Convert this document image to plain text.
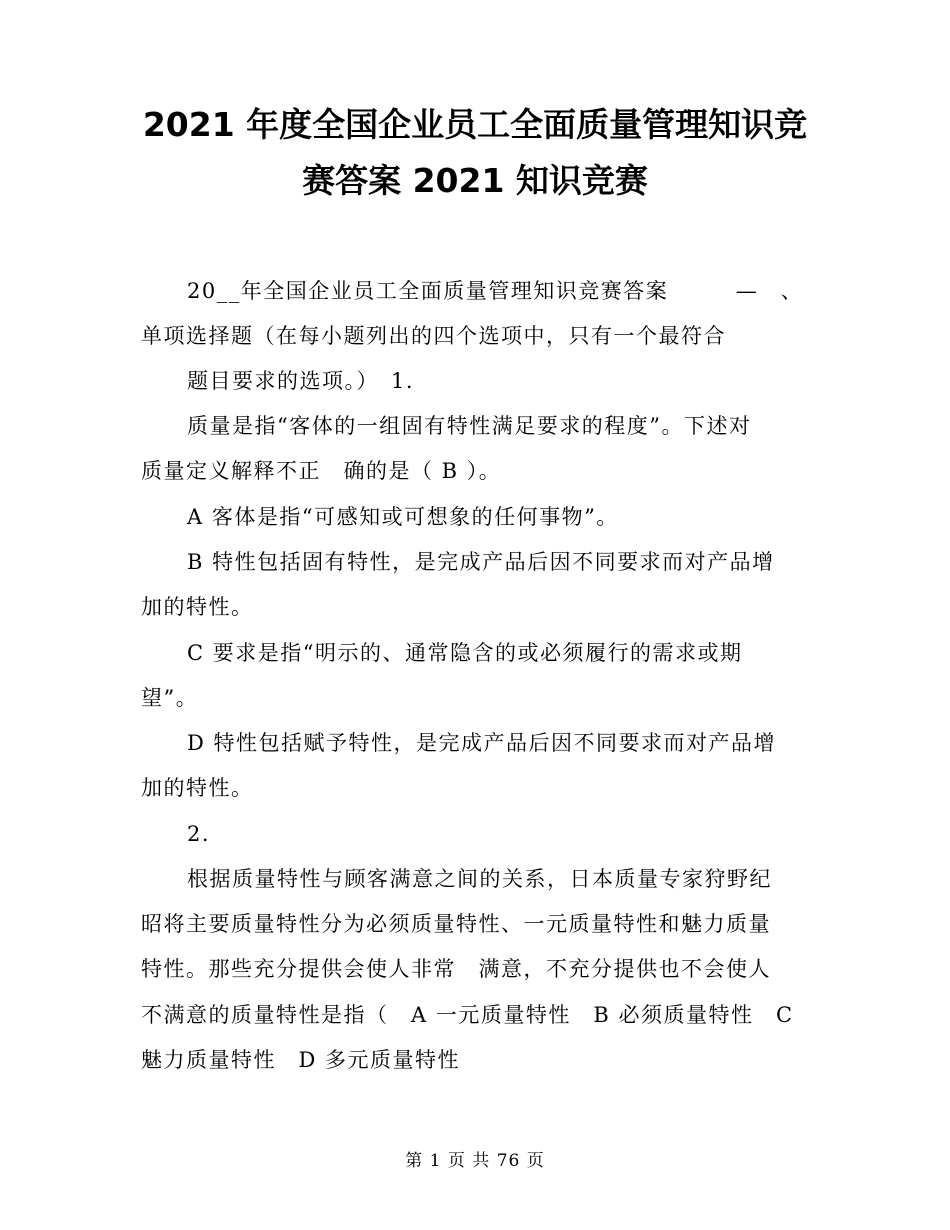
2021 年度全国企业员工全面质量管理知识竞
赛答案 2021 知识竞赛

20__年全国企业员工全面质量管理知识竞赛答案　　　—　、

单项选择题（在每小题列出的四个选项中，只有一个最符合

题目要求的选项。）　1.

质量是指“客体的一组固有特性满足要求的程度”。下述对

质量定义解释不正　确的是（ B ）。

A 客体是指“可感知或可想象的任何事物”。

B 特性包括固有特性，是完成产品后因不同要求而对产品增

加的特性。

C 要求是指“明示的、通常隐含的或必须履行的需求或期

望”。

D 特性包括赋予特性，是完成产品后因不同要求而对产品增

加的特性。

2.

根据质量特性与顾客满意之间的关系，日本质量专家狩野纪

昭将主要质量特性分为必须质量特性、一元质量特性和魅力质量

特性。那些充分提供会使人非常　满意，不充分提供也不会使人

不满意的质量特性是指（　A 一元质量特性　B 必须质量特性　C

魅力质量特性　D 多元质量特性

第 1 页 共 76 页
